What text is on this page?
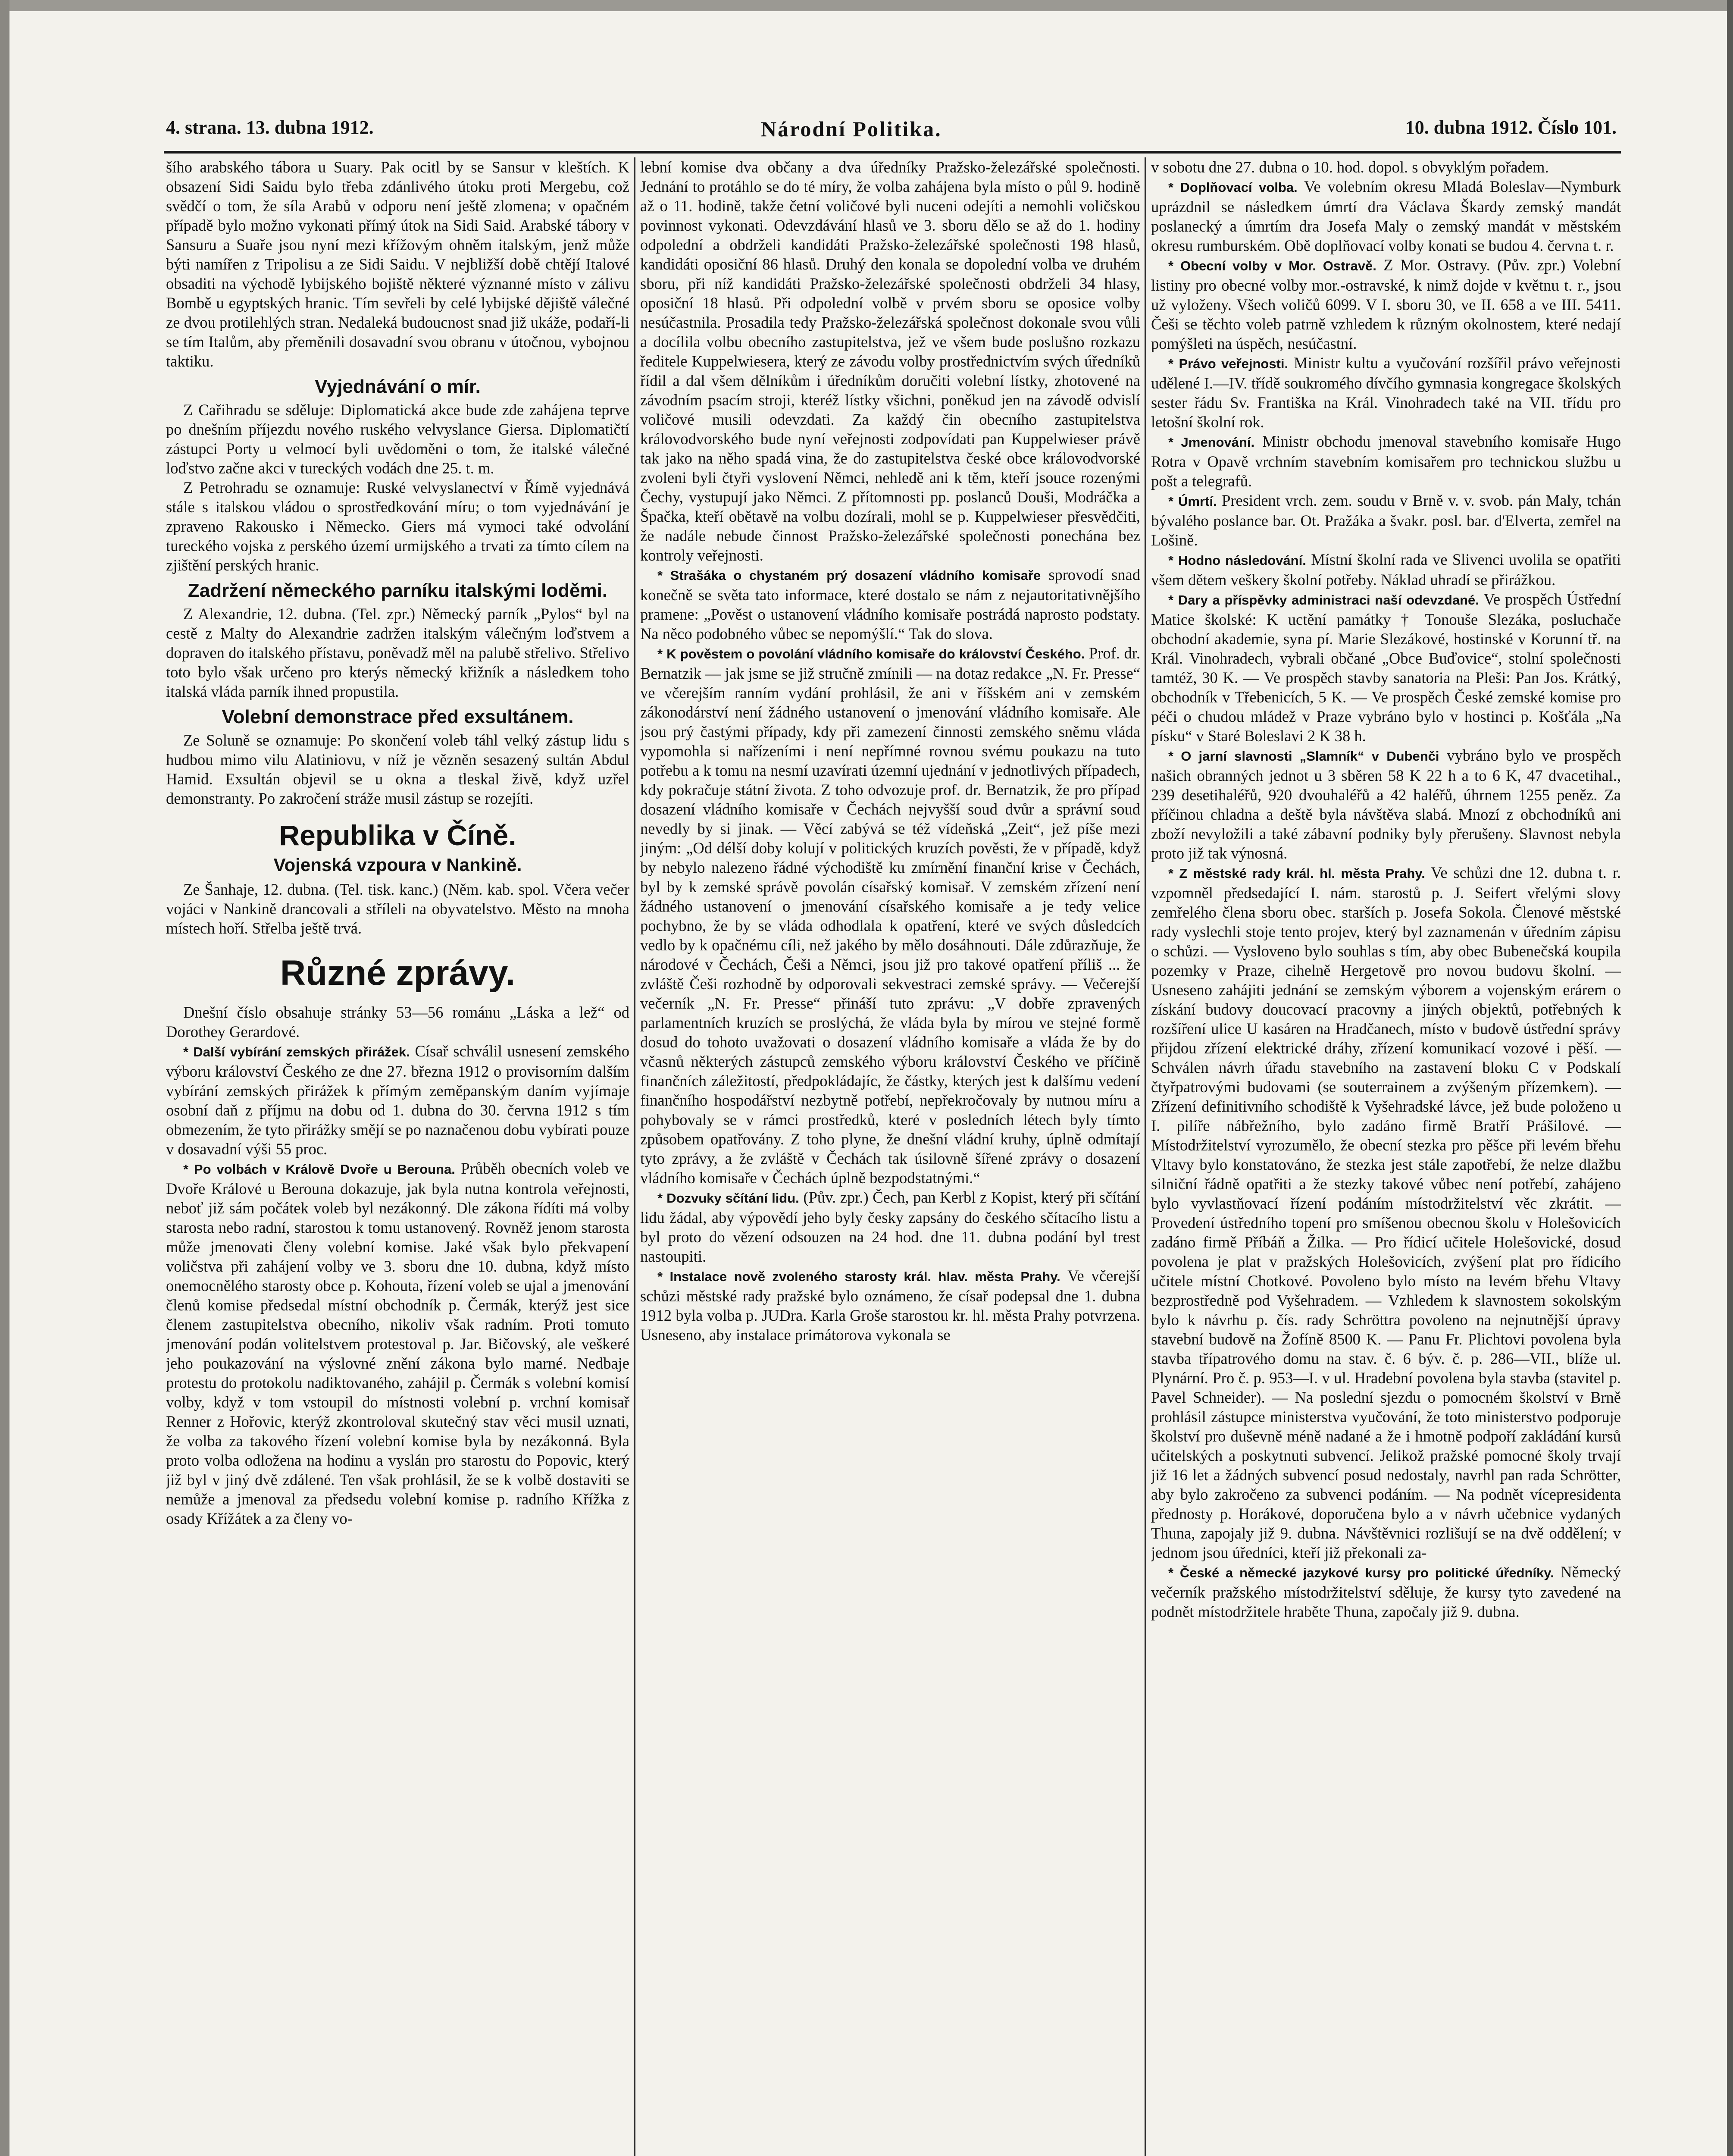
4. strana. 13. dubna 1912.	Národní Politika.	10. dubna 1912. Číslo 101.

šího arabského tábora u Suary. Pak ocitl by se Sansur v kleštích. K obsazení Sidi Saidu bylo třeba zdánlivého útoku proti Mergebu, což svědčí o tom, že síla Arabů v odporu není ještě zlomena; v opačném případě bylo možno vykonati přímý útok na Sidi Said. Arabské tábory v Sansuru a Suaře jsou nyní mezi křížovým ohněm italským, jenž může býti namířen z Tripolisu a ze Sidi Saidu. V nejbližší době chtějí Italové obsaditi na východě lybijského bojiště některé význanné místo v zálivu Bombě u egyptských hranic. Tím sevřeli by celé lybijské dějiště válečné ze dvou protilehlých stran. Nedaleká budoucnost snad již ukáže, podaří-li se tím Italům, aby přeměnili dosavadní svou obranu v útočnou, vybojnou taktiku.

Vyjednávání o mír.

Z Cařihradu se sděluje: Diplomatická akce bude zde zahájena teprve po dnešním příjezdu nového ruského velvyslance Giersa. Diplomatičtí zástupci Porty u velmocí byli uvědoměni o tom, že italské válečné loďstvo začne akci v tureckých vodách dne 25. t. m.

Z Petrohradu se oznamuje: Ruské velvyslanectví v Římě vyjednává stále s italskou vládou o sprostředkování míru; o tom vyjednávání je zpraveno Rakousko i Německo. Giers má vymoci také odvolání tureckého vojska z perského území urmijského a trvati za tímto cílem na zjištění perských hranic.

Zadržení německého parníku italskými loděmi.

Z Alexandrie, 12. dubna. (Tel. zpr.) Německý parník „Pylos“ byl na cestě z Malty do Alexandrie zadržen italským válečným loďstvem a dopraven do italského přístavu, poněvadž měl na palubě střelivo. Střelivo toto bylo však určeno pro kterýs německý křižník a následkem toho italská vláda parník ihned propustila.

Volební demonstrace před exsultánem.

Ze Soluně se oznamuje: Po skončení voleb táhl velký zástup lidu s hudbou mimo vilu Alatiniovu, v níž je vězněn sesazený sultán Abdul Hamid. Exsultán objevil se u okna a tleskal živě, když uzřel demonstranty. Po zakročení stráže musil zástup se rozejíti.

Republika v Číně.
Vojenská vzpoura v Nankině.

Ze Šanhaje, 12. dubna. (Tel. tisk. kanc.) (Něm. kab. spol. Včera večer vojáci v Nankině drancovali a stříleli na obyvatelstvo. Město na mnoha místech hoří. Střelba ještě trvá.

Různé zprávy.

Dnešní číslo obsahuje stránky 53—56 románu „Láska a lež“ od Dorothey Gerardové.

* Další vybírání zemských přirážek. Císař schválil usnesení zemského výboru království Českého ze dne 27. března 1912 o provisorním dalším vybírání zemských přirážek k přímým zeměpanským daním vyjímaje osobní daň z příjmu na dobu od 1. dubna do 30. června 1912 s tím obmezením, že tyto přirážky smějí se po naznačenou dobu vybírati pouze v dosavadní výši 55 proc.

* Po volbách v Králově Dvoře u Berouna. Průběh obecních voleb ve Dvoře Králové u Berouna dokazuje, jak byla nutna kontrola veřejnosti, neboť již sám počátek voleb byl nezákonný. Dle zákona řídíti má volby starosta nebo radní, starostou k tomu ustanovený. Rovněž jenom starosta může jmenovati členy volební komise. Jaké však bylo překvapení voličstva při zahájení volby ve 3. sboru dne 10. dubna, když místo onemocnělého starosty obce p. Kohouta, řízení voleb se ujal a jmenování členů komise předsedal místní obchodník p. Čermák, kterýž jest sice členem zastupitelstva obecního, nikoliv však radním. Proti tomuto jmenování podán volitelstvem protestoval p. Jar. Bičovský, ale veškeré jeho poukazování na výslovné znění zákona bylo marné. Nedbaje protestu do protokolu nadiktovaného, zahájil p. Čermák s volební komisí volby, když v tom vstoupil do místnosti volební p. vrchní komisař Renner z Hořovic, kterýž zkontroloval skutečný stav věci musil uznati, že volba za takového řízení volební komise byla by nezákonná. Byla proto volba odložena na hodinu a vyslán pro starostu do Popovic, který již byl v jiný dvě zdálené. Ten však prohlásil, že se k volbě dostaviti se nemůže a jmenoval za předsedu volební komise p. radního Křížka z osady Křížátek a za členy vo-

lební komise dva občany a dva úředníky Pražsko-železářské společnosti. Jednání to protáhlo se do té míry, že volba zahájena byla místo o půl 9. hodině až o 11. hodině, takže četní voličové byli nuceni odejíti a nemohli voličskou povinnost vykonati. Odevzdávání hlasů ve 3. sboru dělo se až do 1. hodiny odpolední a obdrželi kandidáti Pražsko-železářské společnosti 198 hlasů, kandidáti oposiční 86 hlasů. Druhý den konala se dopolední volba ve druhém sboru, při níž kandidáti Pražsko-železářské společnosti obdrželi 34 hlasy, oposiční 18 hlasů. Při odpolední volbě v prvém sboru se oposice volby nesúčastnila. Prosadila tedy Pražsko-železářská společnost dokonale svou vůli a docílila volbu obecního zastupitelstva, jež ve všem bude poslušno rozkazu ředitele Kuppelwiesera, který ze závodu volby prostřednictvím svých úředníků řídil a dal všem dělníkům i úředníkům doručiti volební lístky, zhotovené na závodním psacím stroji, kteréž lístky všichni, poněkud jen na závodě odvislí voličové musili odevzdati. Za každý čin obecního zastupitelstva královodvorského bude nyní veřejnosti zodpovídati pan Kuppelwieser právě tak jako na něho spadá vina, že do zastupitelstva české obce královodvorské zvoleni byli čtyři vyslovení Němci, nehledě ani k těm, kteří jsouce rozenými Čechy, vystupují jako Němci. Z přítomnosti pp. poslanců Douši, Modráčka a Špačka, kteří obětavě na volbu dozírali, mohl se p. Kuppelwieser přesvědčiti, že nadále nebude činnost Pražsko-železářské společnosti ponechána bez kontroly veřejnosti.

* Strašáka o chystaném prý dosazení vládního komisaře sprovodí snad konečně se světa tato informace, které dostalo se nám z nejautoritativnějšího pramene: „Pověst o ustanovení vládního komisaře postrádá naprosto podstaty. Na něco podobného vůbec se nepomýšlí.“ Tak do slova.

* K pověstem o povolání vládního komisaře do království Českého. Prof. dr. Bernatzik — jak jsme se již stručně zmínili — na dotaz redakce „N. Fr. Presse“ ve včerejším ranním vydání prohlásil, že ani v říšském ani v zemském zákonodárství není žádného ustanovení o jmenování vládního komisaře. Ale jsou prý častými případy, kdy při zamezení činnosti zemského sněmu vláda vypomohla si nařízeními i není nepřímné rovnou svému poukazu na tuto potřebu a k tomu na nesmí uzavírati územní ujednání v jednotlivých případech, kdy pokračuje státní života. Z toho odvozuje prof. dr. Bernatzik, že pro případ dosazení vládního komisaře v Čechách nejvyšší soud dvůr a správní soud nevedly by si jinak. — Věcí zabývá se též vídeňská „Zeit“, jež píše mezi jiným: „Od délší doby kolují v politických kruzích pověsti, že v případě, když by nebylo nalezeno řádné východiště ku zmírnění finanční krise v Čechách, byl by k zemské správě povolán císařský komisař. V zemském zřízení není žádného ustanovení o jmenování císařského komisaře a je tedy velice pochybno, že by se vláda odhodlala k opatření, které ve svých důsledcích vedlo by k opačnému cíli, než jakého by mělo dosáhnouti. Dále zdůrazňuje, že národové v Čechách, Češi a Němci, jsou již pro takové opatření příliš ... že zvláště Češi rozhodně by odporovali sekvestraci zemské správy. — Večerejší večerník „N. Fr. Presse“ přináší tuto zprávu: „V dobře zpravených parlamentních kruzích se proslýchá, že vláda byla by mírou ve stejné formě dosud do tohoto uvažovati o dosazení vládního komisaře a vláda že by do včasnů některých zástupců zemského výboru království Českého ve příčině finančních záležitostí, předpokládajíc, že částky, kterých jest k dalšímu vedení finančního hospodářství nezbytně potřebí, nepřekročovaly by nutnou míru a pohybovaly se v rámci prostředků, které v posledních létech byly tímto způsobem opatřovány. Z toho plyne, že dnešní vládní kruhy, úplně odmítají tyto zprávy, a že zvláště v Čechách tak úsilovně šířené zprávy o dosazení vládního komisaře v Čechách úplně bezpodstatnými.“

* Dozvuky sčítání lidu. (Pův. zpr.) Čech, pan Kerbl z Kopist, který při sčítání lidu žádal, aby výpovědí jeho byly česky zapsány do českého sčítacího listu a byl proto do vězení odsouzen na 24 hod. dne 11. dubna podání byl trest nastoupiti.

* Instalace nově zvoleného starosty král. hlav. města Prahy. Ve včerejší schůzi městské rady pražské bylo oznámeno, že císař podepsal dne 1. dubna 1912 byla volba p. JUDra. Karla Groše starostou kr. hl. města Prahy potvrzena. Usneseno, aby instalace primátorova vykonala se

v sobotu dne 27. dubna o 10. hod. dopol. s obvyklým pořadem.

* Doplňovací volba. Ve volebním okresu Mladá Boleslav—Nymburk uprázdnil se následkem úmrtí dra Václava Škardy zemský mandát poslanecký a úmrtím dra Josefa Maly o zemský mandát v městském okresu rumburském. Obě doplňovací volby konati se budou 4. června t. r.

* Obecní volby v Mor. Ostravě. Z Mor. Ostravy. (Pův. zpr.) Volební listiny pro obecné volby mor.-ostravské, k nimž dojde v květnu t. r., jsou už vyloženy. Všech voličů 6099. V I. sboru 30, ve II. 658 a ve III. 5411. Češi se těchto voleb patrně vzhledem k různým okolnostem, které nedají pomýšleti na úspěch, nesúčastní.

* Právo veřejnosti. Ministr kultu a vyučování rozšířil právo veřejnosti udělené I.—IV. třídě soukromého dívčího gymnasia kongregace školských sester řádu Sv. Františka na Král. Vinohradech také na VII. třídu pro letošní školní rok.

* Jmenování. Ministr obchodu jmenoval stavebního komisaře Hugo Rotra v Opavě vrchním stavebním komisařem pro technickou službu u pošt a telegrafů.

* Úmrtí. President vrch. zem. soudu v Brně v. v. svob. pán Maly, tchán bývalého poslance bar. Ot. Pražáka a švakr. posl. bar. d'Elverta, zemřel na Lošině.

* Hodno následování. Místní školní rada ve Slivenci uvolila se opatřiti všem dětem veškery školní potřeby. Náklad uhradí se přirážkou.

* Dary a příspěvky administraci naší odevzdané. Ve prospěch Ústřední Matice školské: K uctění památky † Tonouše Slezáka, posluchače obchodní akademie, syna pí. Marie Slezákové, hostinské v Korunní tř. na Král. Vinohradech, vybrali občané „Obce Buďovice“, stolní společnosti tamtéž, 30 K. — Ve prospěch stavby sanatoria na Pleši: Pan Jos. Krátký, obchodník v Třebenicích, 5 K. — Ve prospěch České zemské komise pro péči o chudou mládež v Praze vybráno bylo v hostinci p. Košťála „Na písku“ v Staré Boleslavi 2 K 38 h.

* O jarní slavnosti „Slamník“ v Dubenči vybráno bylo ve prospěch našich obranných jednot u 3 sběren 58 K 22 h a to 6 K, 47 dvacetihal., 239 desetihaléřů, 920 dvouhaléřů a 42 haléřů, úhrnem 1255 peněz. Za příčinou chladna a deště byla návštěva slabá. Mnozí z obchodníků ani zboží nevyložili a také zábavní podniky byly přerušeny. Slavnost nebyla proto již tak výnosná.

* Z městské rady král. hl. města Prahy. Ve schůzi dne 12. dubna t. r. vzpomněl předsedající I. nám. starostů p. J. Seifert vřelými slovy zemřelého člena sboru obec. starších p. Josefa Sokola. Členové městské rady vyslechli stoje tento projev, který byl zaznamenán v úředním zápisu o schůzi. — Vysloveno bylo souhlas s tím, aby obec Bubenečská koupila pozemky v Praze, cihelně Hergetově pro novou budovu školní. — Usneseno zahájiti jednání se zemským výborem a vojenským erárem o získání budovy doucovací pracovny a jiných objektů, potřebných k rozšíření ulice U kasáren na Hradčanech, místo v budově ústřední správy přijdou zřízení elektrické dráhy, zřízení komunikací vozové i pěší. — Schválen návrh úřadu stavebního na zastavení bloku C v Podskalí čtyřpatrovými budovami (se souterrainem a zvýšeným přízemkem). — Zřízení definitivního schodiště k Vyšehradské lávce, jež bude položeno u I. pilíře nábřežního, bylo zadáno firmě Bratří Prášilové. — Místodržitelství vyrozumělo, že obecní stezka pro pěšce při levém břehu Vltavy bylo konstatováno, že stezka jest stále zapotřebí, že nelze dlažbu silniční řádně opatřiti a že stezky takové vůbec není potřebí, zahájeno bylo vyvlastňovací řízení podáním místodržitelství věc zkrátit. — Provedení ústředního topení pro smíšenou obecnou školu v Holešovicích zadáno firmě Příbáň a Žilka. — Pro řídicí učitele Holešovické, dosud povolena je plat v pražských Holešovicích, zvýšení plat pro řídicího učitele místní Chotkové. Povoleno bylo místo na levém břehu Vltavy bezprostředně pod Vyšehradem. — Vzhledem k slavnostem sokolským bylo k návrhu p. čís. rady Schröttra povoleno na nejnutnější úpravy stavební budově na Žofíně 8500 K. — Panu Fr. Plichtovi povolena byla stavba třípatrového domu na stav. č. 6 býv. č. p. 286—VII., blíže ul. Plynární. Pro č. p. 953—I. v ul. Hradební povolena byla stavba (stavitel p. Pavel Schneider). — Na poslední sjezdu o pomocném školství v Brně prohlásil zástupce ministerstva vyučování, že toto ministerstvo podporuje školství pro duševně méně nadané a že i hmotně podpoří zakládání kursů učitelských a poskytnuti subvencí. Jelikož pražské pomocné školy trvají již 16 let a žádných subvencí posud nedostaly, navrhl pan rada Schrötter, aby bylo zakročeno za subvenci podáním. — Na podnět vícepresidenta přednosty p. Horákové, doporučena bylo a v návrh učebnice vydaných Thuna, zapojaly již 9. dubna. Návštěvnici rozlišují se na dvě oddělení; v jednom jsou úředníci, kteří již překonali za-

* České a německé jazykové kursy pro politické úředníky. Německý večerník pražského místodržitelství sděluje, že kursy tyto zavedené na podnět místodržitele hraběte Thuna, započaly již 9. dubna.
